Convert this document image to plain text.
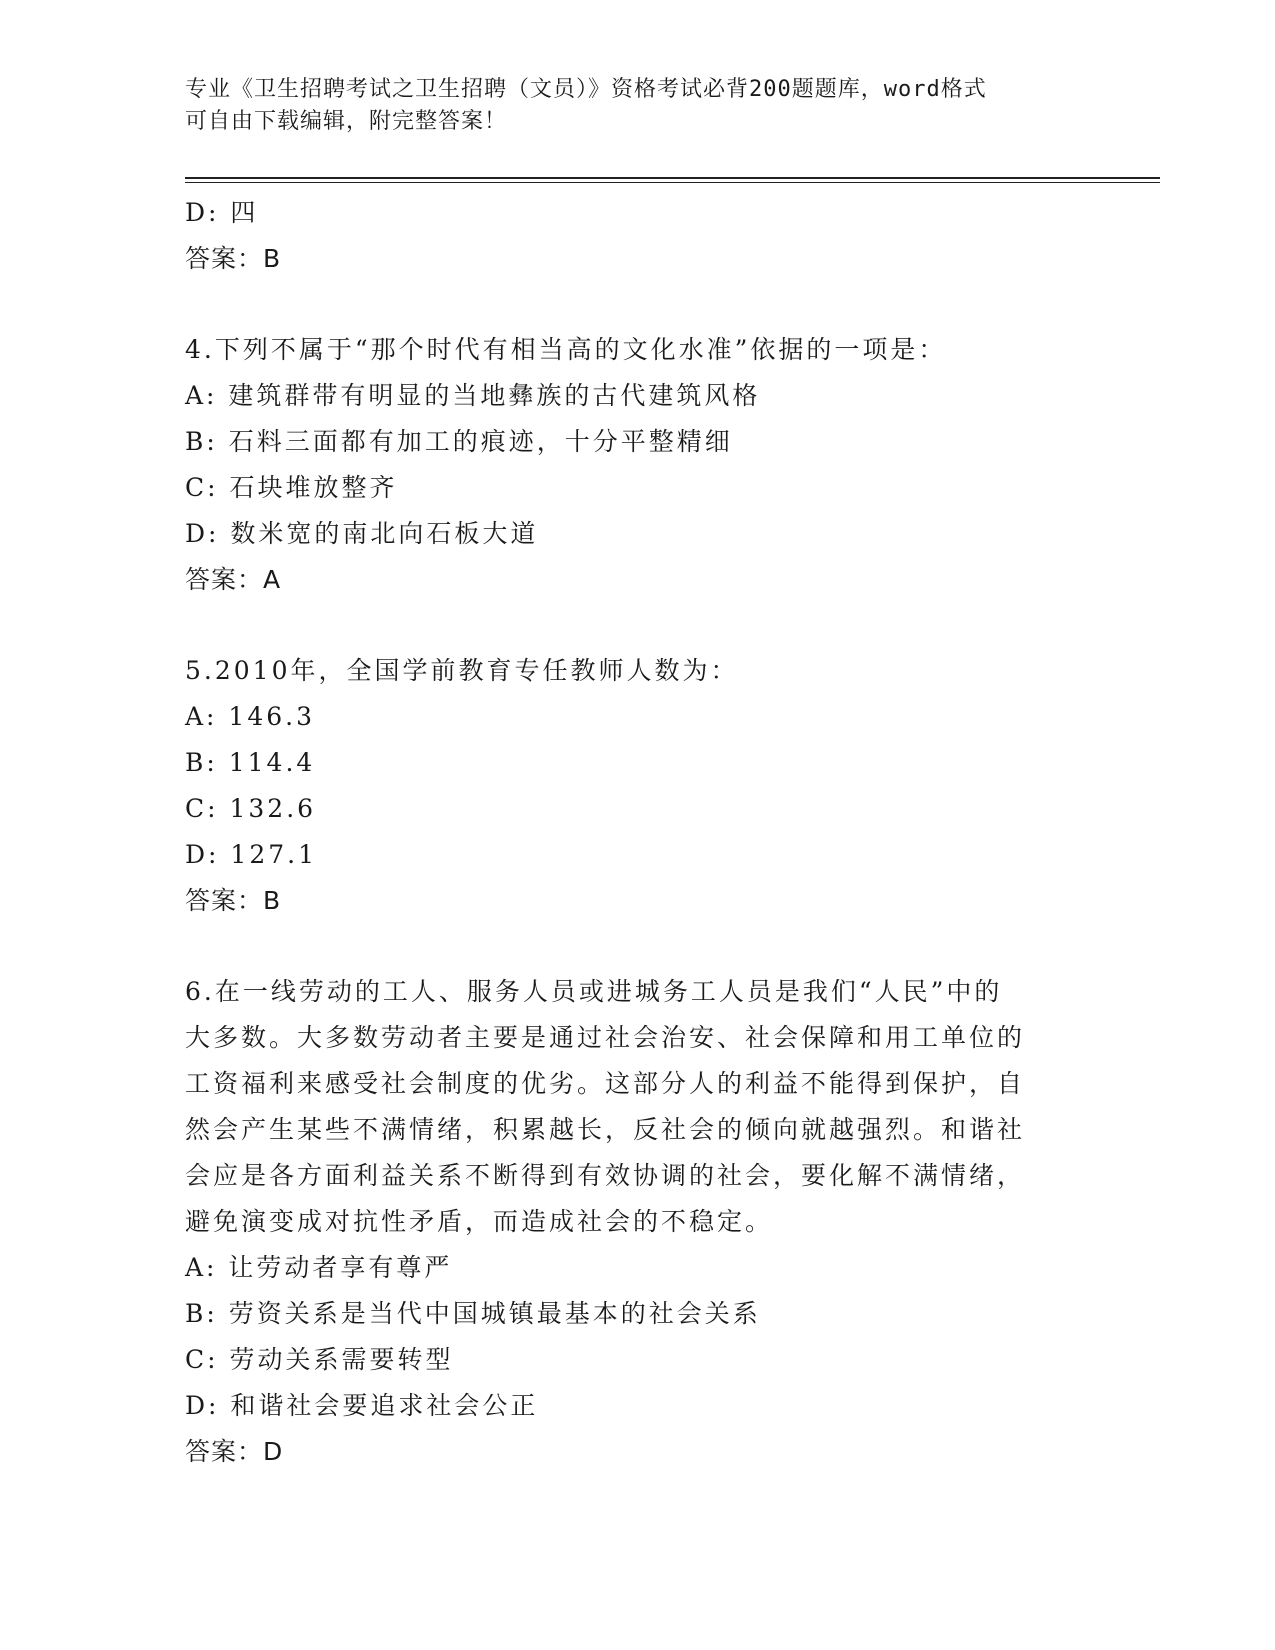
专业《卫生招聘考试之卫生招聘（文员）》资格考试必背200题题库，word格式
可自由下载编辑，附完整答案！
D: 四
答案：B
4.下列不属于“那个时代有相当高的文化水准”依据的一项是：
A: 建筑群带有明显的当地彝族的古代建筑风格
B: 石料三面都有加工的痕迹，十分平整精细
C: 石块堆放整齐
D: 数米宽的南北向石板大道
答案：A
5.2010年，全国学前教育专任教师人数为：
A: 146.3
B: 114.4
C: 132.6
D: 127.1
答案：B
6.在一线劳动的工人、服务人员或进城务工人员是我们“人民”中的
大多数。大多数劳动者主要是通过社会治安、社会保障和用工单位的
工资福利来感受社会制度的优劣。这部分人的利益不能得到保护，自
然会产生某些不满情绪，积累越长，反社会的倾向就越强烈。和谐社
会应是各方面利益关系不断得到有效协调的社会，要化解不满情绪，
避免演变成对抗性矛盾，而造成社会的不稳定。
A: 让劳动者享有尊严
B: 劳资关系是当代中国城镇最基本的社会关系
C: 劳动关系需要转型
D: 和谐社会要追求社会公正
答案：D
